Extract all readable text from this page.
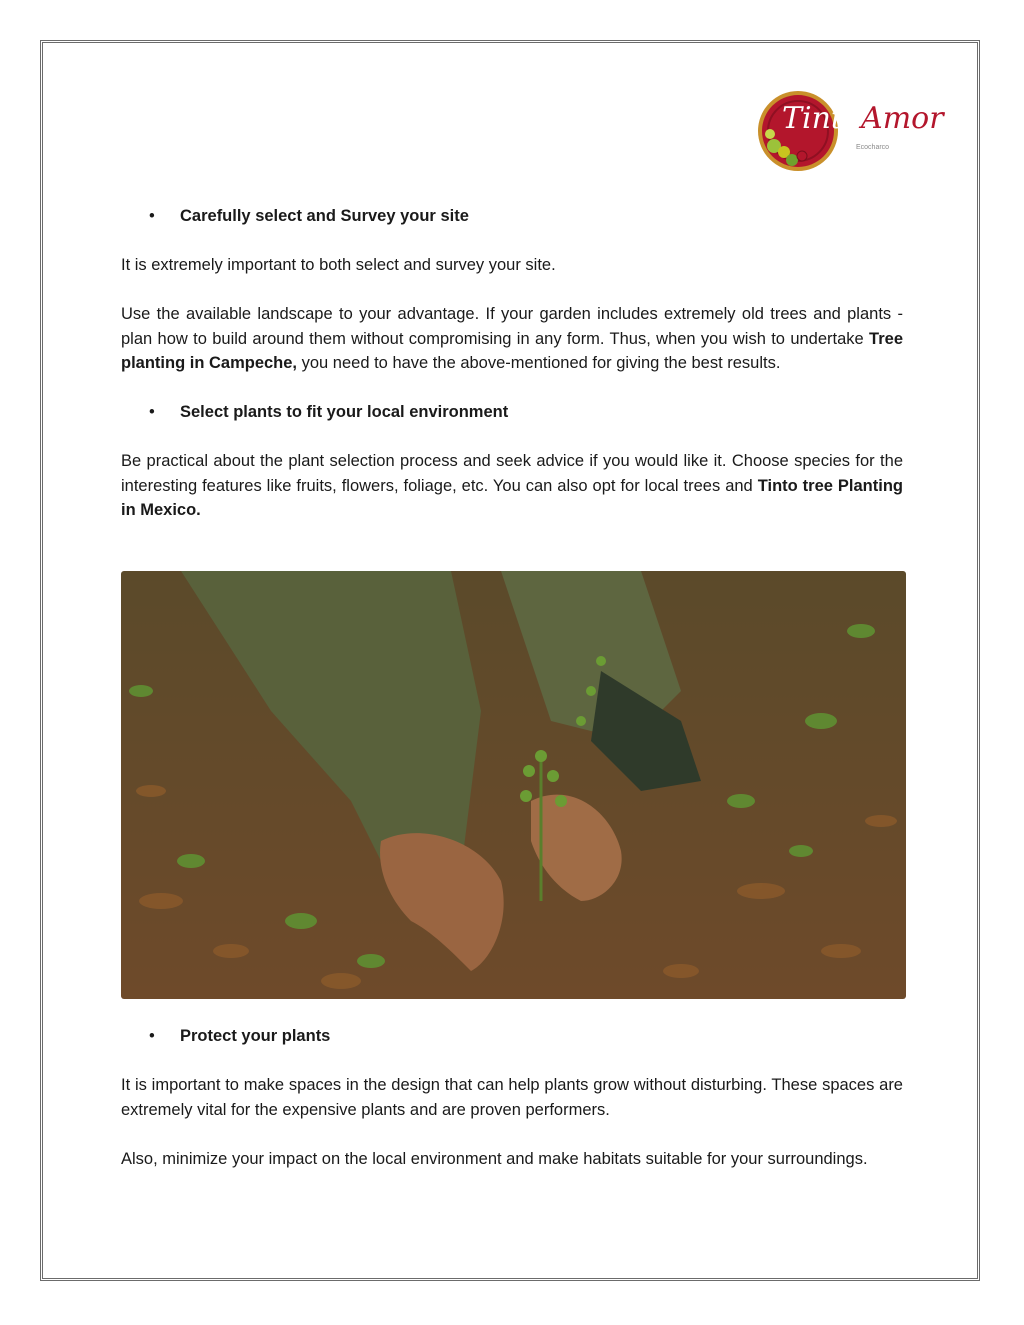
TintoAmor
Ecocharco
•	Carefully select and Survey your site

It is extremely important to both select and survey your site.

Use the available landscape to your advantage. If your garden includes extremely old trees and plants - plan how to build around them without compromising in any form. Thus, when you wish to undertake Tree planting in Campeche, you need to have the above-mentioned for giving the best results.

•	Select plants to fit your local environment

Be practical about the plant selection process and seek advice if you would like it. Choose species for the interesting features like fruits, flowers, foliage, etc. You can also opt for local trees and Tinto tree Planting in Mexico.

•	Protect your plants

It is important to make spaces in the design that can help plants grow without disturbing. These spaces are extremely vital for the expensive plants and are proven performers.

Also, minimize your impact on the local environment and make habitats suitable for your surroundings.
